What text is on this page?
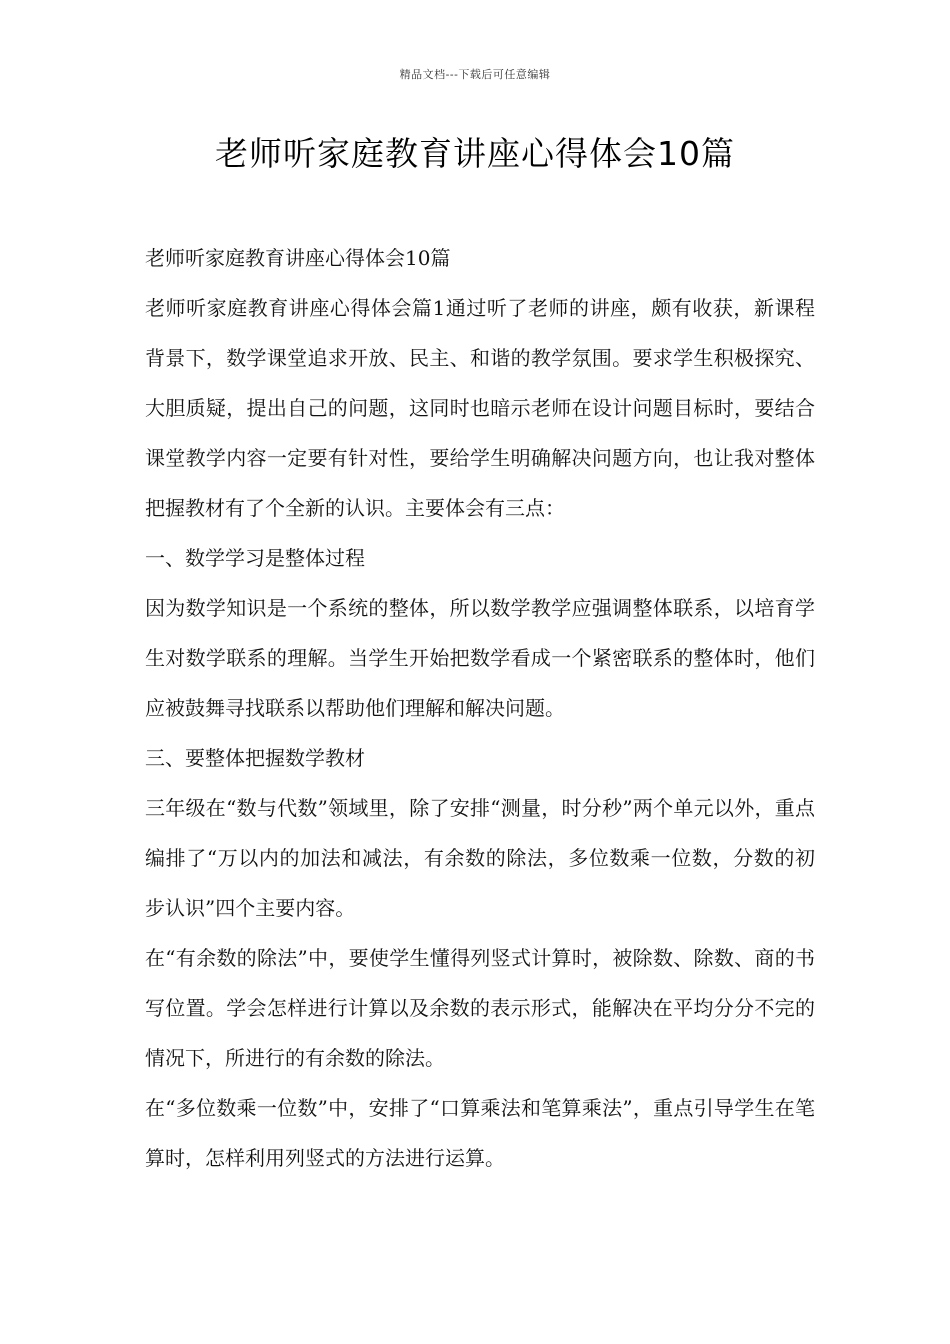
精品文档---下载后可任意编辑
老师听家庭教育讲座心得体会10篇

老师听家庭教育讲座心得体会10篇

老师听家庭教育讲座心得体会篇1通过听了老师的讲座，颇有收获，新课程背景下，数学课堂追求开放、民主、和谐的教学氛围。要求学生积极探究、大胆质疑，提出自己的问题，这同时也暗示老师在设计问题目标时，要结合课堂教学内容一定要有针对性，要给学生明确解决问题方向，也让我对整体把握教材有了个全新的认识。主要体会有三点：

一、数学学习是整体过程

因为数学知识是一个系统的整体，所以数学教学应强调整体联系，以培育学生对数学联系的理解。当学生开始把数学看成一个紧密联系的整体时，他们应被鼓舞寻找联系以帮助他们理解和解决问题。

三、要整体把握数学教材

三年级在“数与代数”领域里，除了安排“测量，时分秒”两个单元以外，重点编排了“万以内的加法和减法，有余数的除法，多位数乘一位数，分数的初步认识”四个主要内容。

在“有余数的除法”中，要使学生懂得列竖式计算时，被除数、除数、商的书写位置。学会怎样进行计算以及余数的表示形式，能解决在平均分分不完的情况下，所进行的有余数的除法。

在“多位数乘一位数”中，安排了“口算乘法和笔算乘法”，重点引导学生在笔算时，怎样利用列竖式的方法进行运算。
